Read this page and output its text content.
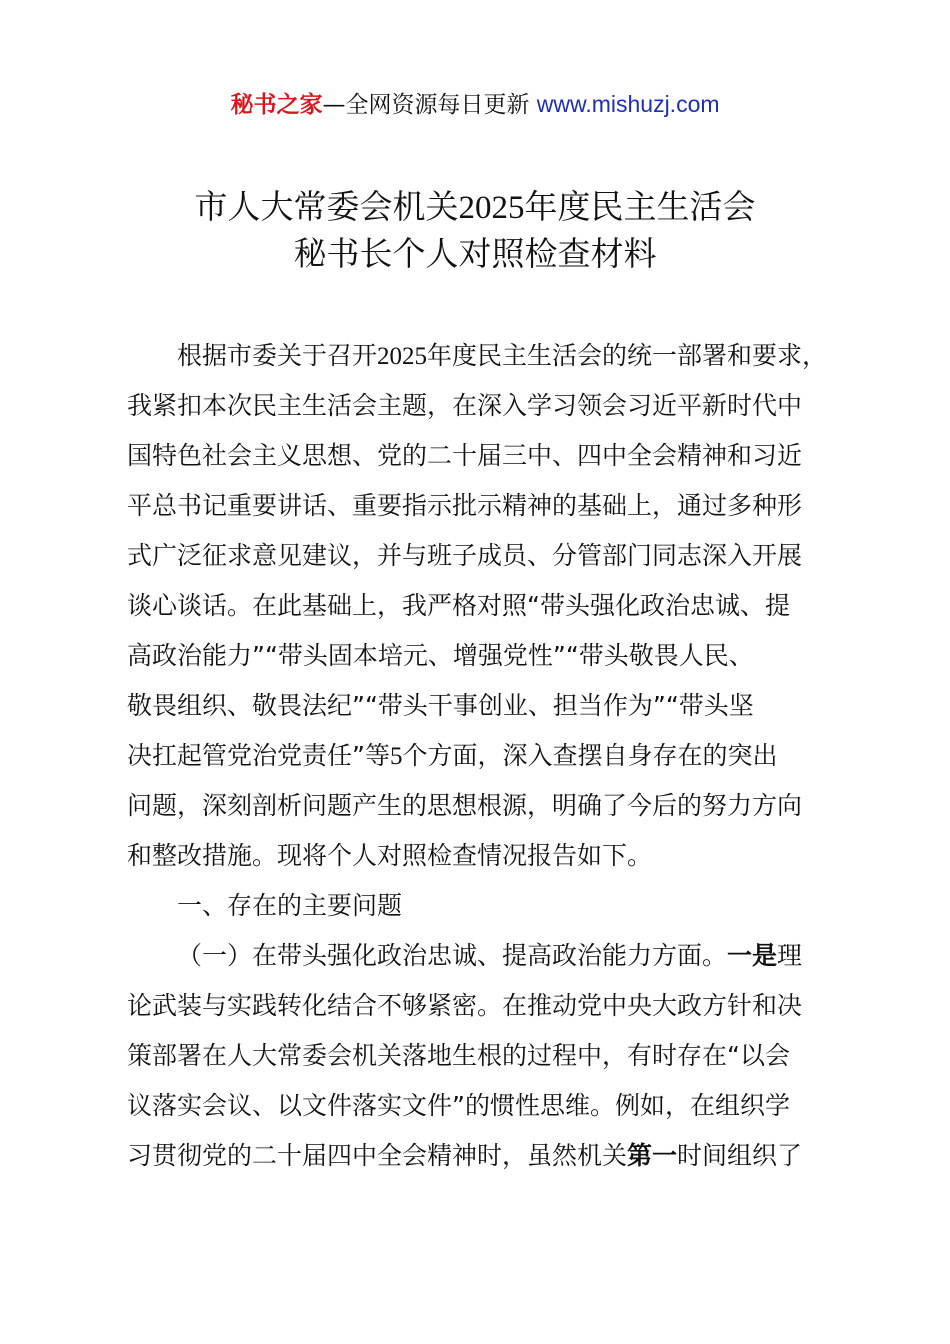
秘书之家—全网资源每日更新 www.mishuzj.com
市人大常委会机关2025年度民主生活会
秘书长个人对照检查材料
根据市委关于召开2025年度民主生活会的统一部署和要求，
我紧扣本次民主生活会主题，在深入学习领会习近平新时代中
国特色社会主义思想、党的二十届三中、四中全会精神和习近
平总书记重要讲话、重要指示批示精神的基础上，通过多种形
式广泛征求意见建议，并与班子成员、分管部门同志深入开展
谈心谈话。在此基础上，我严格对照“带头强化政治忠诚、提
高政治能力”“带头固本培元、增强党性”“带头敬畏人民、
敬畏组织、敬畏法纪”“带头干事创业、担当作为”“带头坚
决扛起管党治党责任”等5个方面，深入查摆自身存在的突出
问题，深刻剖析问题产生的思想根源，明确了今后的努力方向
和整改措施。现将个人对照检查情况报告如下。
一、存在的主要问题
（一）在带头强化政治忠诚、提高政治能力方面。一是理
论武装与实践转化结合不够紧密。在推动党中央大政方针和决
策部署在人大常委会机关落地生根的过程中，有时存在“以会
议落实会议、以文件落实文件”的惯性思维。例如，在组织学
习贯彻党的二十届四中全会精神时，虽然机关第一时间组织了
